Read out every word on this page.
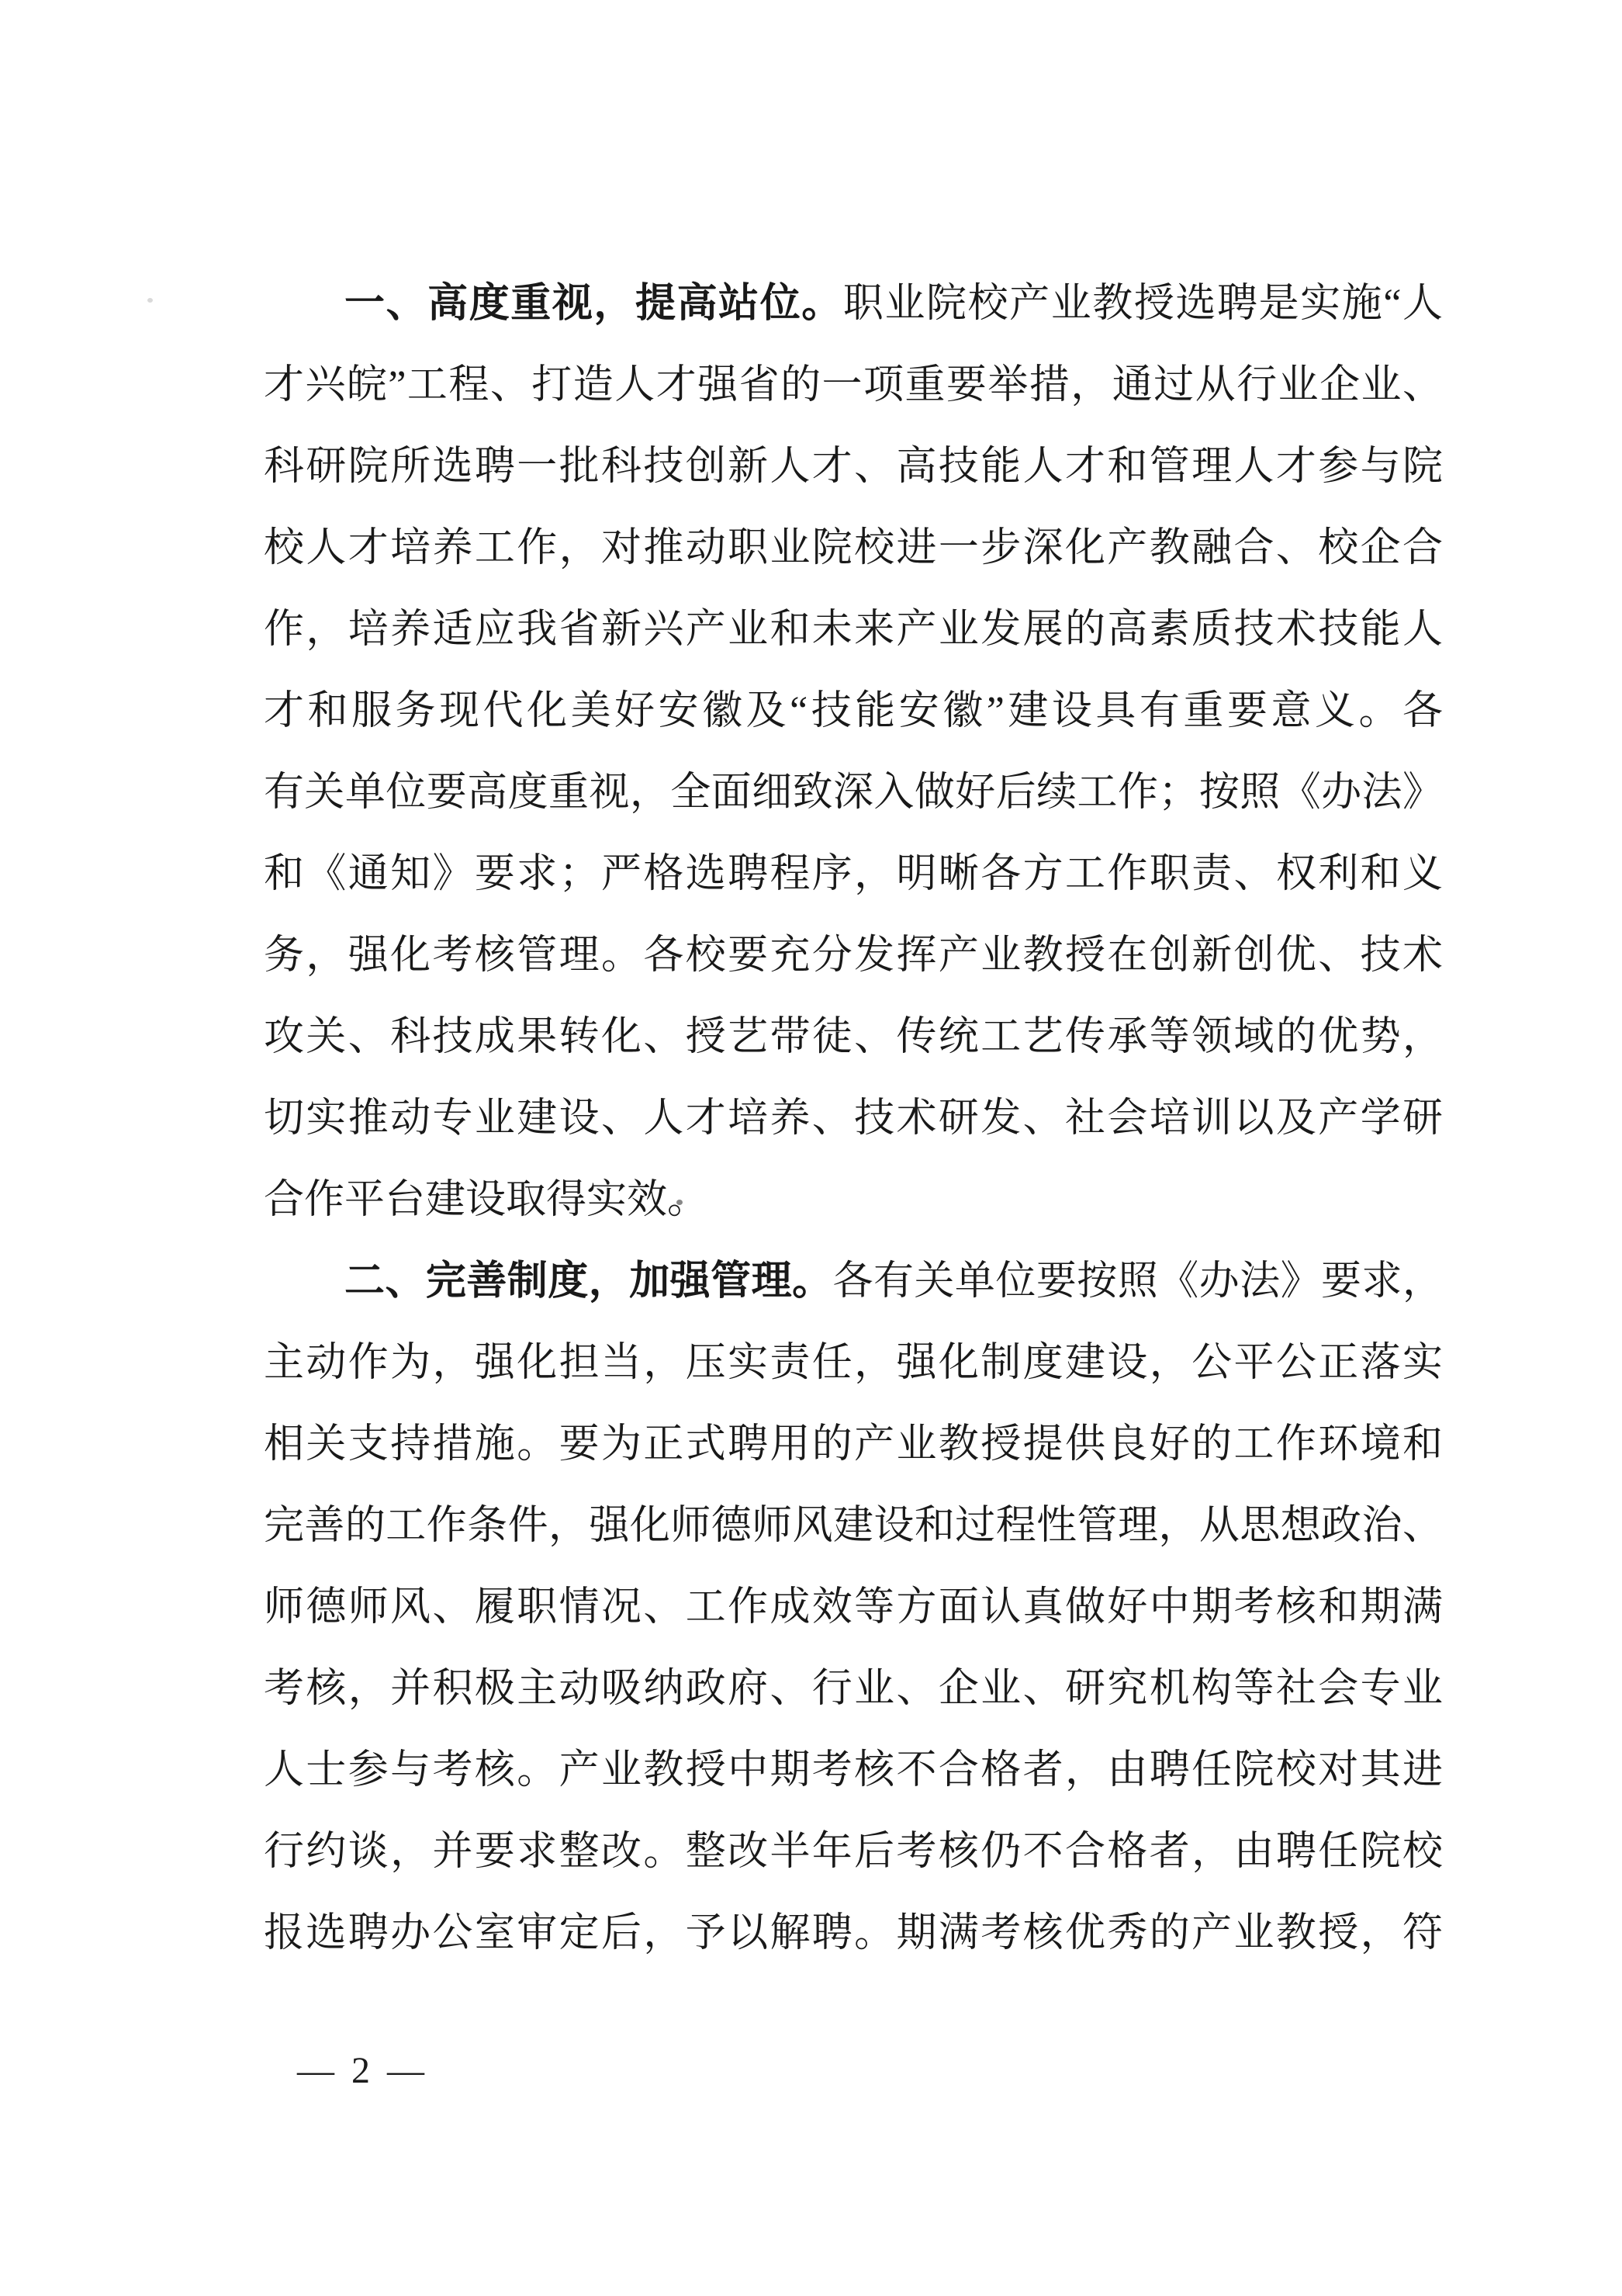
一、高度重视，提高站位。职业院校产业教授选聘是实施“人
才兴皖”工程、打造人才强省的一项重要举措，通过从行业企业、
科研院所选聘一批科技创新人才、高技能人才和管理人才参与院
校人才培养工作，对推动职业院校进一步深化产教融合、校企合
作，培养适应我省新兴产业和未来产业发展的高素质技术技能人
才和服务现代化美好安徽及“技能安徽”建设具有重要意义。各
有关单位要高度重视，全面细致深入做好后续工作；按照《办法》
和《通知》要求；严格选聘程序，明晰各方工作职责、权利和义
务，强化考核管理。各校要充分发挥产业教授在创新创优、技术
攻关、科技成果转化、授艺带徒、传统工艺传承等领域的优势，
切实推动专业建设、人才培养、技术研发、社会培训以及产学研
合作平台建设取得实效。
二、完善制度，加强管理。各有关单位要按照《办法》要求，
主动作为，强化担当，压实责任，强化制度建设，公平公正落实
相关支持措施。要为正式聘用的产业教授提供良好的工作环境和
完善的工作条件，强化师德师风建设和过程性管理，从思想政治、
师德师风、履职情况、工作成效等方面认真做好中期考核和期满
考核，并积极主动吸纳政府、行业、企业、研究机构等社会专业
人士参与考核。产业教授中期考核不合格者，由聘任院校对其进
行约谈，并要求整改。整改半年后考核仍不合格者，由聘任院校
报选聘办公室审定后，予以解聘。期满考核优秀的产业教授，符
— 2 —
